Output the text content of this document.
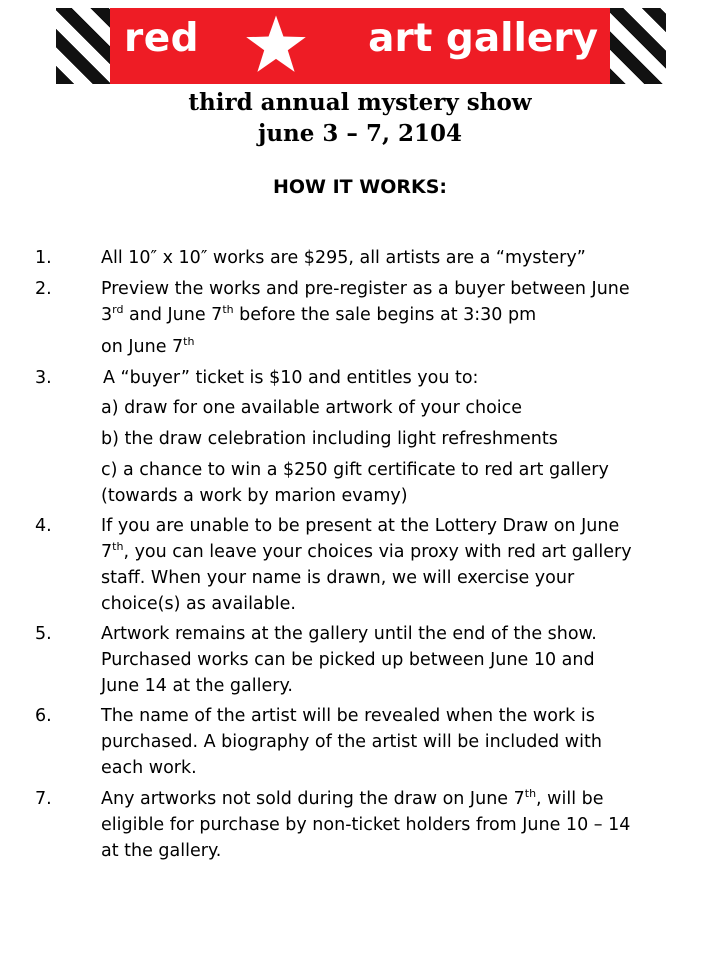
red	art gallery
third annual mystery show
june 3 – 7, 2104
HOW IT WORKS:
1.	All 10″ x 10″ works are $295, all artists are a “mystery”
2.	Preview the works and pre-register as a buyer between June
3rd and June 7th before the sale begins at 3:30 pm
on June 7th
3.	A “buyer” ticket is $10 and entitles you to:
a) draw for one available artwork of your choice
b) the draw celebration including light refreshments
c) a chance to win a $250 gift certificate to red art gallery
(towards a work by marion evamy)
4.	If you are unable to be present at the Lottery Draw on June
7th, you can leave your choices via proxy with red art gallery
staff. When your name is drawn, we will exercise your
choice(s) as available.
5.	Artwork remains at the gallery until the end of the show.
Purchased works can be picked up between June 10 and
June 14 at the gallery.
6.	The name of the artist will be revealed when the work is
purchased. A biography of the artist will be included with
each work.
7.	Any artworks not sold during the draw on June 7th, will be
eligible for purchase by non-ticket holders from June 10 – 14
at the gallery.
